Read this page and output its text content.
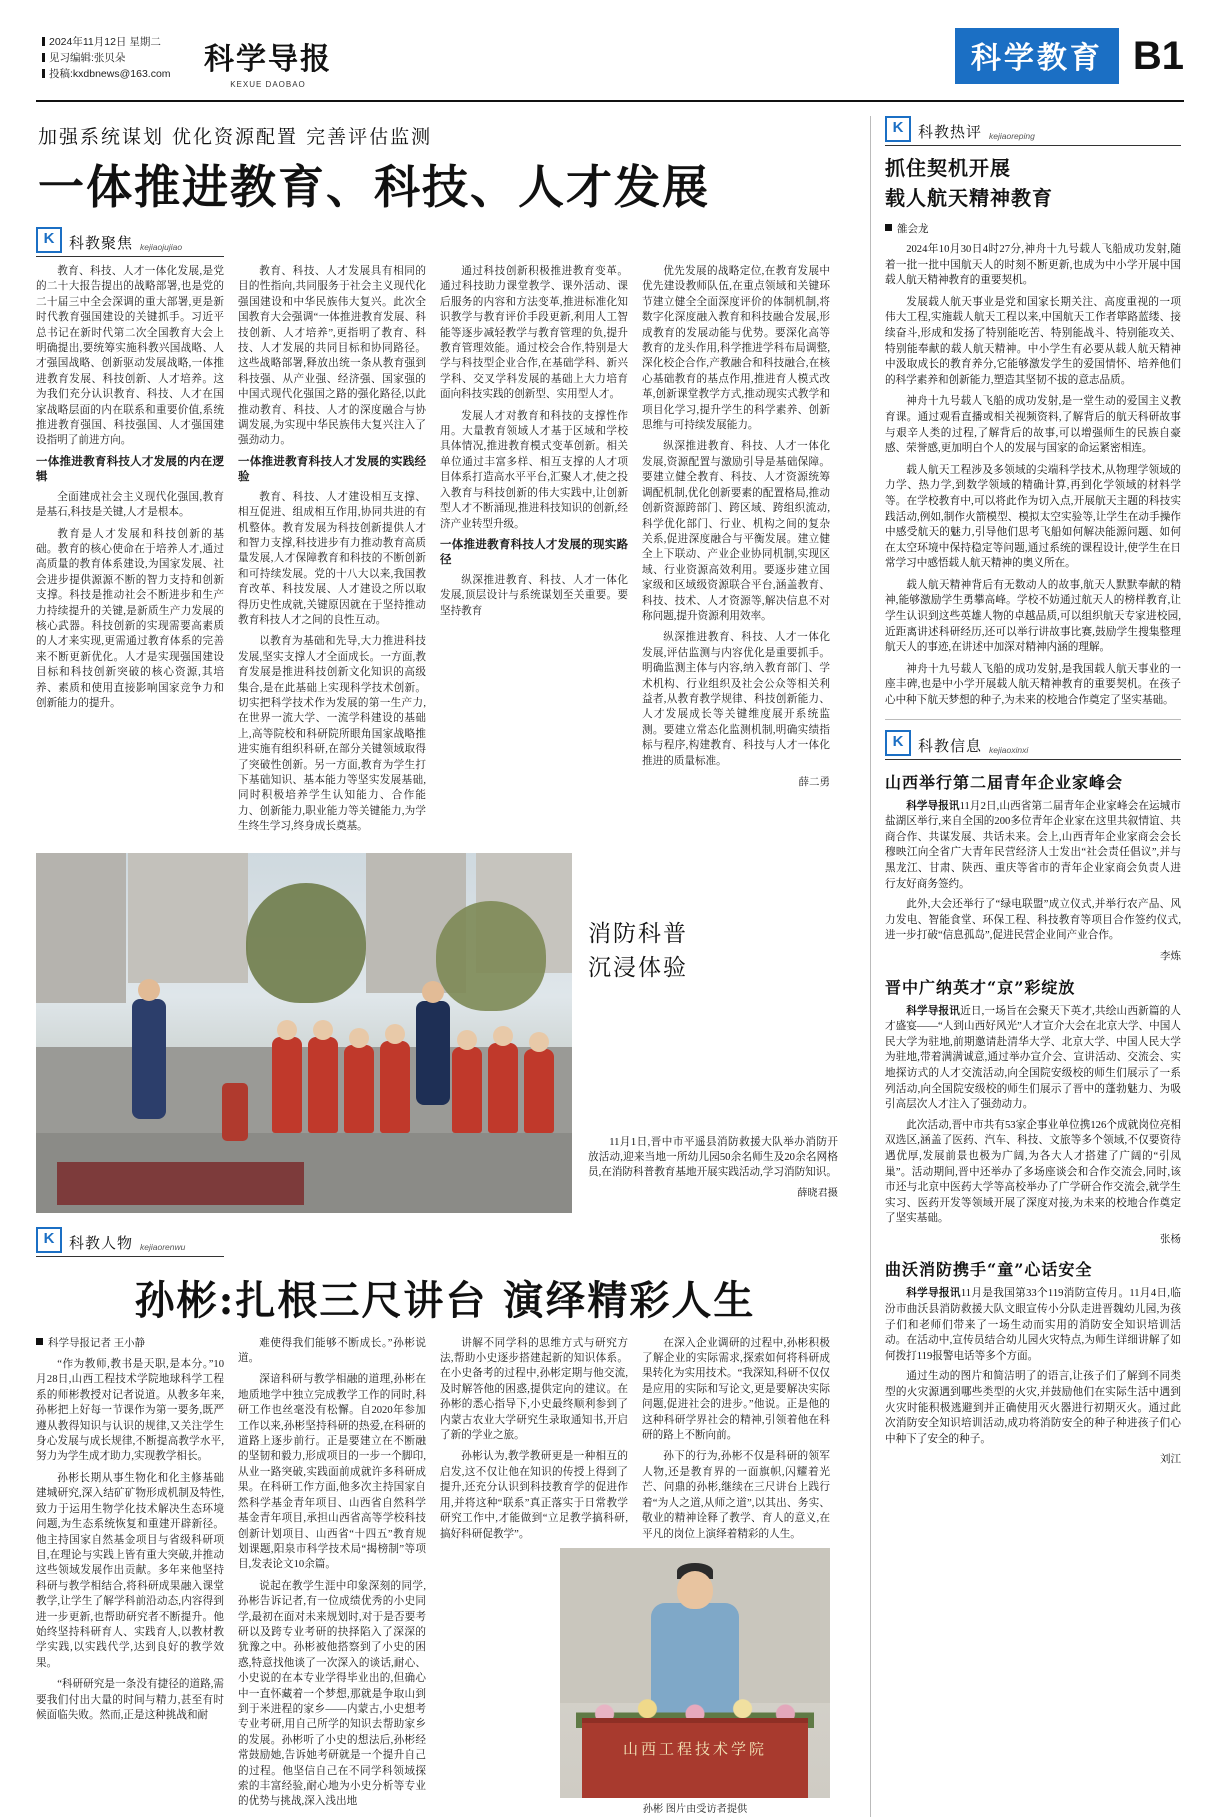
2024年11月12日 星期二
见习编辑:张贝朵
投稿:kxdbnews@163.com 科学导报
KEXUE DAOBAO
科学教育 B1
加强系统谋划 优化资源配置 完善评估监测
一体推进教育、科技、人才发展
K 科教聚焦 kejiaojujiao

教育、科技、人才一体化发展,是党的二十大报告提出的战略部署,也是党的二十届三中全会深调的重大部署,更是新时代教育强国建设的关键抓手。习近平总书记在新时代第二次全国教育大会上明确提出,要统筹实施科教兴国战略、人才强国战略、创新驱动发展战略,一体推进教育发展、科技创新、人才培养。这为我们充分认识教育、科技、人才在国家战略层面的内在联系和重要价值,系统推进教育强国、科技强国、人才强国建设指明了前进方向。

一体推进教育科技人才发展的内在逻辑

全面建成社会主义现代化强国,教育是基石,科技是关键,人才是根本。

教育是人才发展和科技创新的基础。教育的核心使命在于培养人才,通过高质量的教育体系建设,为国家发展、社会进步提供源源不断的智力支持和创新支撑。科技是推动社会不断进步和生产力持续提升的关键,是新质生产力发展的核心武器。科技创新的实现需要高素质的人才来实现,更需通过教育体系的完善来不断更新优化。人才是实现强国建设目标和科技创新突破的核心资源,其培养、素质和使用直接影响国家竞争力和创新能力的提升。

教育、科技、人才发展具有相同的目的性指向,共同服务于社会主义现代化强国建设和中华民族伟大复兴。此次全国教育大会强调“一体推进教育发展、科技创新、人才培养”,更指明了教育、科技、人才发展的共同目标和协同路径。这些战略部署,释放出统一条从教育强到科技强、从产业强、经济强、国家强的中国式现代化强国之路的强化路径,以此推动教育、科技、人才的深度融合与协调发展,为实现中华民族伟大复兴注入了强劲动力。

一体推进教育科技人才发展的实践经验

教育、科技、人才建设相互支撑、相互促进、组成相互作用,协同共进的有机整体。教育发展为科技创新提供人才和智力支撑,科技进步有力推动教育高质量发展,人才保障教育和科技的不断创新和可持续发展。党的十八大以来,我国教育改革、科技发展、人才建设之所以取得历史性成就,关键原因就在于坚持推动教育科技人才之间的良性互动。

以教育为基础和先导,大力推进科技发展,坚实支撑人才全面成长。一方面,教育发展是推进科技创新文化知识的高级集合,是在此基础上实现科学技术创新。切实把科学技术作为发展的第一生产力,在世界一流大学、一流学科建设的基础上,高等院校和科研院所眼角国家战略推进实施有组织科研,在部分关键领域取得了突破性创新。另一方面,教育为学生打下基础知识、基本能力等坚实发展基础,同时积极培养学生认知能力、合作能力、创新能力,职业能力等关键能力,为学生终生学习,终身成长奠基。

通过科技创新积极推进教育变革。通过科技助力课堂教学、课外活动、课后服务的内容和方法变革,推进标准化知识教学与教育评价手段更新,利用人工智能等逐步减轻教学与教育管理的负,提升教育管理效能。通过校会合作,特别是大学与科技型企业合作,在基础学科、新兴学科、交叉学科发展的基础上大力培育面向科技实践的创新型、实用型人才。

发展人才对教育和科技的支撑性作用。大量教育领域人才基于区域和学校具体情况,推进教育模式变革创新。相关单位通过丰富多样、相互支撑的人才项目体系打造高水平平台,汇聚人才,使之投入教育与科技创新的伟大实践中,让创新型人才不断涌现,推进科技知识的创新,经济产业转型升级。

一体推进教育科技人才发展的现实路径

纵深推进教育、科技、人才一体化发展,顶层设计与系统谋划至关重要。要坚持教育

优先发展的战略定位,在教育发展中优先建设教师队伍,在重点领域和关键环节建立健全全面深度评价的体制机制,将数字化深度融入教育和科技融合发展,形成教育的发展动能与优势。要深化高等教育的龙头作用,科学推进学科布局调整,深化校企合作,产教融合和科技融合,在核心基础教育的基点作用,推进育人模式改革,创新课堂教学方式,推动现实式教学和项目化学习,提升学生的科学素养、创新思维与可持续发展能力。

纵深推进教育、科技、人才一体化发展,资源配置与激励引导是基础保障。要建立健全教育、科技、人才资源统筹调配机制,优化创新要素的配置格局,推动创新资源跨部门、跨区域、跨组织流动,科学优化部门、行业、机构之间的复杂关系,促进深度融合与平衡发展。建立健全上下联动、产业企业协同机制,实现区域、行业资源高效利用。要逐步建立国家级和区域级资源联合平台,涵盖教育、科技、技术、人才资源等,解决信息不对称问题,提升资源利用效率。

纵深推进教育、科技、人才一体化发展,评估监测与内容优化是重要抓手。明确监测主体与内容,纳入教育部门、学术机构、行业组织及社会公众等相关利益者,从教育教学规律、科技创新能力、人才发展成长等关键维度展开系统监测。要建立常态化监测机制,明确实绩指标与程序,构建教育、科技与人才一体化推进的质量标准。

薛二勇
消防科普
沉浸体验

11月1日,晋中市平遥县消防救援大队举办消防开放活动,迎来当地一所幼儿园50余名师生及20余名网格员,在消防科普教育基地开展实践活动,学习消防知识。

薛晓君摄
K 科教人物 kejiaorenwu
孙彬:扎根三尺讲台 演绎精彩人生
科学导报记者 王小静

“作为教师,教书是天职,是本分。”10月28日,山西工程技术学院地球科学工程系的师彬教授对记者说道。从教多年来,孙彬把上好每一节课作为第一要务,既严遵从教得知识与认识的规律,又关注学生身心发展与成长规律,不断提高教学水平,努力为学生成才助力,实现教学相长。

孙彬长期从事生物化和化主修基础建城研究,深入结矿矿物形成机制及特性,致力于运用生物学化技术解决生态环境问题,为生态系统恢复和重建开辟新径。他主持国家自然基金项目与省级科研项目,在理论与实践上皆有重大突破,并推动这些领域发展作出贡献。多年来他坚持科研与教学相结合,将科研成果融入课堂教学,让学生了解学科前沿动态,内容得到进一步更新,也帮助研究者不断提升。他始终坚持科研育人、实践育人,以教材教学实践,以实践代学,达到良好的教学效果。

“科研研究是一条没有捷径的道路,需要我们付出大量的时间与精力,甚至有时候面临失败。然而,正是这种挑战和耐

难使得我们能够不断成长。”孙彬说道。

深谙科研与教学相融的道理,孙彬在地质地学中独立完成教学工作的同时,科研工作也丝毫没有松懈。自2020年参加工作以来,孙彬坚持科研的热爱,在科研的道路上逐步前行。正是要建立在不断融的坚韧和毅力,形成项目的一步一个脚印,从业一路突破,实践面前成就许多科研成果。在科研工作方面,他多次主持国家自然科学基金青年项目、山西省自然科学基金青年项目,承担山西省高等学校科技创新计划项目、山西省“十四五”教育规划课题,阳泉市科学技术局“揭榜制”等项目,发表论文10余篇。

说起在教学生涯中印象深刻的同学,孙彬告诉记者,有一位成绩优秀的小史同学,最初在面对未来规划时,对于是否要考研以及跨专业考研的抉择陷入了深深的犹豫之中。孙彬被他搭察到了小史的困惑,特意找他谈了一次深入的谈话,耐心、小史说的在本专业学得毕业出的,但确心中一直怀藏着一个梦想,那就是争取山到到于米进程的家乡——内蒙古,小史想考专业考研,用自己所学的知识去帮助家乡的发展。孙彬听了小史的想法后,孙彬经常鼓励她,告诉她考研就是一个提升自己的过程。他坚信自己在不同学科领域探索的丰富经验,耐心地为小史分析等专业的优势与挑战,深入浅出地

讲解不同学科的思维方式与研究方法,帮助小史逐步搭建起新的知识体系。在小史备考的过程中,孙彬定期与他交流,及时解答他的困惑,提供定向的建议。在孙彬的悉心指导下,小史最终顺利参到了内蒙古农业大学研究生录取通知书,开启了新的学业之旅。

孙彬认为,教学教研更是一种相互的启发,这不仅让他在知识的传授上得到了提升,还充分认识到科技教育学的促进作用,并将这种“联系”真正落实于日常教学研究工作中,才能做到“立足教学搞科研,搞好科研促教学”。

在深入企业调研的过程中,孙彬积极了解企业的实际需求,探索如何将科研成果转化为实用技术。“我深知,科研不仅仅是应用的实际和写论文,更是要解决实际问题,促进社会的进步。”他说。正是他的这种科研学界社会的精神,引领着他在科研的路上不断向前。

孙下的行为,孙彬不仅是科研的领军人物,还是教育界的一面旗帜,闪耀着光芒、问鼎的孙彬,继续在三尺讲台上践行着“为人之道,从师之道”,以其出、务实、敬业的精神诠释了教学、育人的意义,在平凡的岗位上演绎着精彩的人生。

山西工程技术学院
孙彬 图片由受访者提供
K 科教热评 kejiaoreping
抓住契机开展
载人航天精神教育
雒会龙

2024年10月30日4时27分,神舟十九号载人飞船成功发射,随着一批一批中国航天人的时刻不断更新,也成为中小学开展中国载人航天精神教育的重要契机。

发展载人航天事业是党和国家长期关注、高度重视的一项伟大工程,实施载人航天工程以来,中国航天工作者筚路蓝缕、接续奋斗,形成和发扬了特别能吃苦、特别能战斗、特别能攻关、特别能奉献的载人航天精神。中小学生有必要从载人航天精神中汲取成长的教育养分,它能够激发学生的爱国情怀、培养他们的科学素养和创新能力,塑造其坚韧不拔的意志品质。

神舟十九号载人飞船的成功发射,是一堂生动的爱国主义教育课。通过观看直播或相关视频资料,了解背后的航天科研故事与艰辛人类的过程,了解背后的故事,可以增强师生的民族自豪感、荣誉感,更加明白个人的发展与国家的命运紧密相连。

载人航天工程涉及多领域的尖端科学技术,从物理学领域的力学、热力学,到数学领域的精确计算,再到化学领域的材料学等。在学校教育中,可以将此作为切入点,开展航天主题的科技实践活动,例如,制作火箭模型、模拟太空实验等,让学生在动手操作中感受航天的魅力,引导他们思考飞船如何解决能源问题、如何在太空环境中保持稳定等问题,通过系统的课程设计,使学生在日常学习中感悟载人航天精神的奥义所在。

载人航天精神背后有无数动人的故事,航天人默默奉献的精神,能够激励学生勇攀高峰。学校不妨通过航天人的榜样教育,让学生认识到这些英雄人物的卓越品质,可以组织航天专家进校园,近距离讲述科研经历,还可以举行讲故事比赛,鼓励学生搜集整理航天人的事迹,在讲述中加深对精神内涵的理解。

神舟十九号载人飞船的成功发射,是我国载人航天事业的一座丰碑,也是中小学开展载人航天精神教育的重要契机。在孩子心中种下航天梦想的种子,为未来的校地合作奠定了坚实基础。

K 科教信息 kejiaoxinxi
山西举行第二届青年企业家峰会

科学导报讯11月2日,山西省第二届青年企业家峰会在运城市盐湖区举行,来自全国的200多位青年企业家在这里共叙情谊、共商合作、共谋发展、共话未来。会上,山西青年企业家商会会长穆映江向全省广大青年民营经济人士发出“社会责任倡议”,并与黑龙江、甘肃、陕西、重庆等省市的青年企业家商会负责人进行友好商务签约。

此外,大会还举行了“绿电联盟”成立仪式,并举行农产品、风力发电、智能食堂、环保工程、科技教育等项目合作签约仪式,进一步打破“信息孤岛”,促进民营企业间产业合作。

李炼
晋中广纳英才“京”彩绽放

科学导报讯近日,一场旨在会聚天下英才,共绘山西新篇的人才盛宴——“人到山西好风光”人才宣介大会在北京大学、中国人民大学为驻地,前期邀请赴清华大学、北京大学、中国人民大学为驻地,带着满满诚意,通过举办宣介会、宣讲活动、交流会、实地探访式的人才交流活动,向全国院安级校的师生们展示了一系列活动,向全国院安级校的师生们展示了晋中的蓬勃魅力、为吸引高层次人才注入了强劲动力。

此次活动,晋中市共有53家企事业单位携126个成就岗位亮相双选区,涵盖了医药、汽车、科技、文旅等多个领域,不仅要资待遇优厚,发展前景也极为广阔,为各大人才搭建了广阔的“引凤巢”。活动期间,晋中还举办了多场座谈会和合作交流会,同时,该市还与北京中医药大学等高校举办了广学研合作交流会,就学生实习、医药开发等领域开展了深度对接,为未来的校地合作奠定了坚实基础。

张杨
曲沃消防携手“童”心话安全

科学导报讯11月是我国第33个119消防宣传月。11月4日,临汾市曲沃县消防救援大队文眼宣传小分队走进晋魏幼儿园,为孩子们和老师们带来了一场生动而实用的消防安全知识培训活动。在活动中,宣传员结合幼儿园火灾特点,为师生详细讲解了如何拨打119报警电话等多个方面。

通过生动的图片和简洁明了的语言,让孩子们了解到不同类型的火灾源遇到哪些类型的火灾,并鼓励他们在实际生活中遇到火灾时能积极逃避到并正确使用灭火器进行初期灭火。通过此次消防安全知识培训活动,成功将消防安全的种子种进孩子们心中种下了安全的种子。

刘江
